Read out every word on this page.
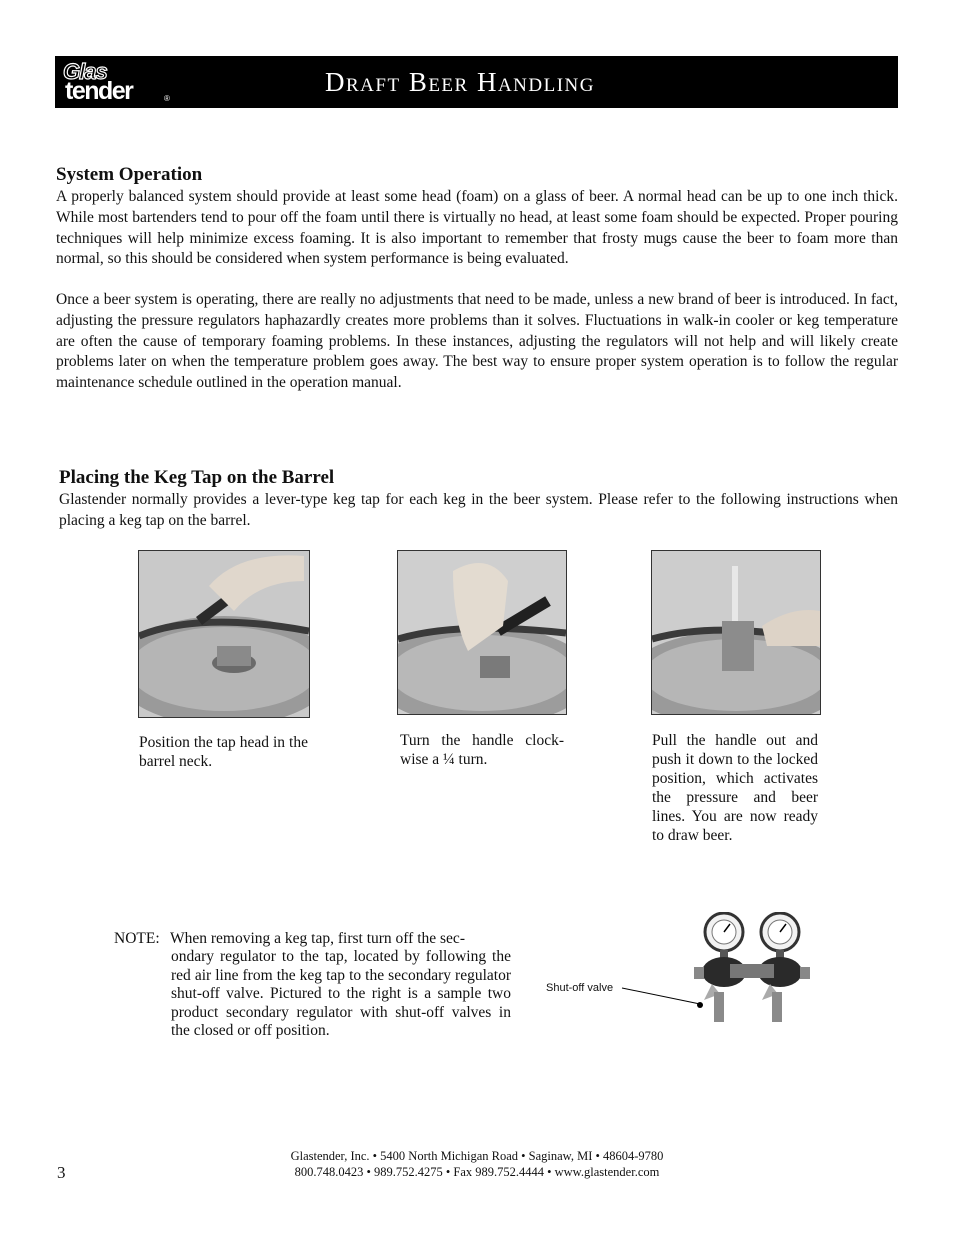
Glas
tender	®
Draft Beer Handling
System Operation
A properly balanced system should provide at least some head (foam) on a glass of beer. A normal head can be up to one inch thick. While most bartenders tend to pour off the foam until there is virtually no head, at least some foam should be expected. Proper pouring techniques will help minimize excess foaming. It is also important to remember that frosty mugs cause the beer to foam more than normal, so this should be considered when system performance is being evaluated.
Once a beer system is operating, there are really no adjustments that need to be made, unless a new brand of beer is introduced. In fact, adjusting the pressure regulators haphazardly creates more problems than it solves. Fluctuations in walk-in cooler or keg temperature are often the cause of temporary foaming problems. In these instances, adjusting the regulators will not help and will likely create problems later on when the temperature problem goes away. The best way to ensure proper system operation is to follow the regular maintenance schedule outlined in the operation manual.
Placing the Keg Tap on the Barrel
Glastender normally provides a lever-type keg tap for each keg in the beer system. Please refer to the following instructions when placing a keg tap on the barrel.
Position the tap head in the barrel neck.
Turn the handle clock-wise a ¼ turn.
Pull the handle out and push it down to the locked position, which activates the pressure and beer lines. You are now ready to draw beer.
NOTE: When removing a keg tap, first turn off the sec-
ondary regulator to the tap, located by following the red air line from the keg tap to the secondary regulator shut-off valve. Pictured to the right is a sample two product secondary regulator with shut-off valves in the closed or off position.
Shut-off valve
3
Glastender, Inc. • 5400 North Michigan Road • Saginaw, MI • 48604-9780
800.748.0423 • 989.752.4275 • Fax 989.752.4444 • www.glastender.com
